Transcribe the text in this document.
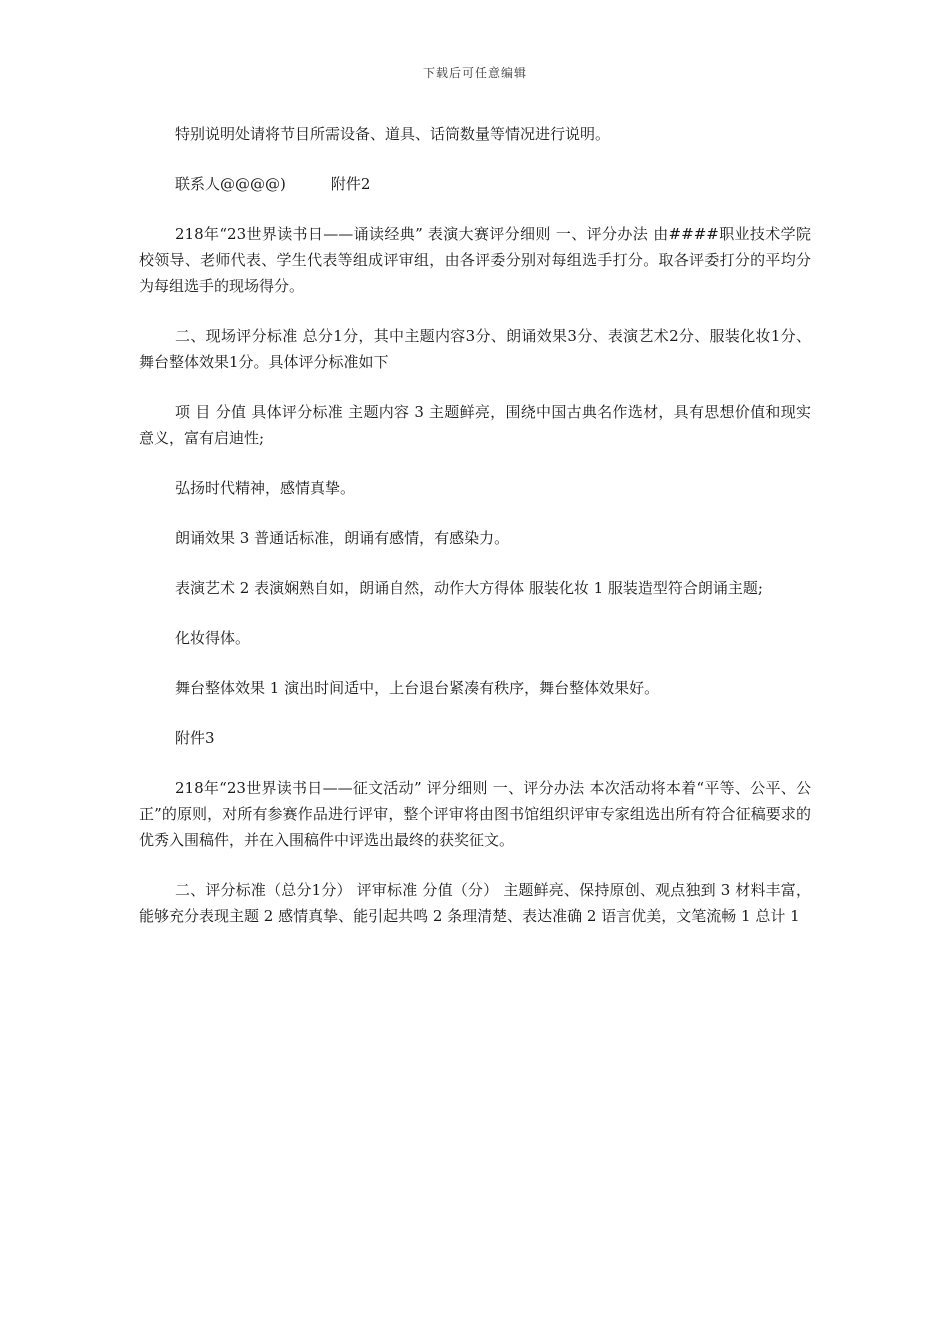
下载后可任意编辑

特别说明处请将节目所需设备、道具、话筒数量等情况进行说明。

联系人@@@@)　　　附件2

218年“23世界读书日——诵读经典” 表演大赛评分细则 一、评分办法 由####职业技术学院校领导、老师代表、学生代表等组成评审组，由各评委分别对每组选手打分。取各评委打分的平均分为每组选手的现场得分。

二、现场评分标准 总分1分，其中主题内容3分、朗诵效果3分、表演艺术2分、服装化妆1分、舞台整体效果1分。具体评分标准如下

项 目 分值 具体评分标准 主题内容 3 主题鲜亮，围绕中国古典名作选材，具有思想价值和现实意义，富有启迪性;

弘扬时代精神，感情真挚。

朗诵效果 3 普通话标准，朗诵有感情，有感染力。

表演艺术 2 表演娴熟自如，朗诵自然，动作大方得体 服装化妆 1 服装造型符合朗诵主题;

化妆得体。

舞台整体效果 1 演出时间适中，上台退台紧凑有秩序，舞台整体效果好。

附件3

218年“23世界读书日——征文活动” 评分细则 一、评分办法 本次活动将本着“平等、公平、公正”的原则，对所有参赛作品进行评审，整个评审将由图书馆组织评审专家组选出所有符合征稿要求的优秀入围稿件，并在入围稿件中评选出最终的获奖征文。

二、评分标准（总分1分） 评审标准 分值（分） 主题鲜亮、保持原创、观点独到 3 材料丰富，能够充分表现主题 2 感情真挚、能引起共鸣 2 条理清楚、表达准确 2 语言优美，文笔流畅 1 总计 1
